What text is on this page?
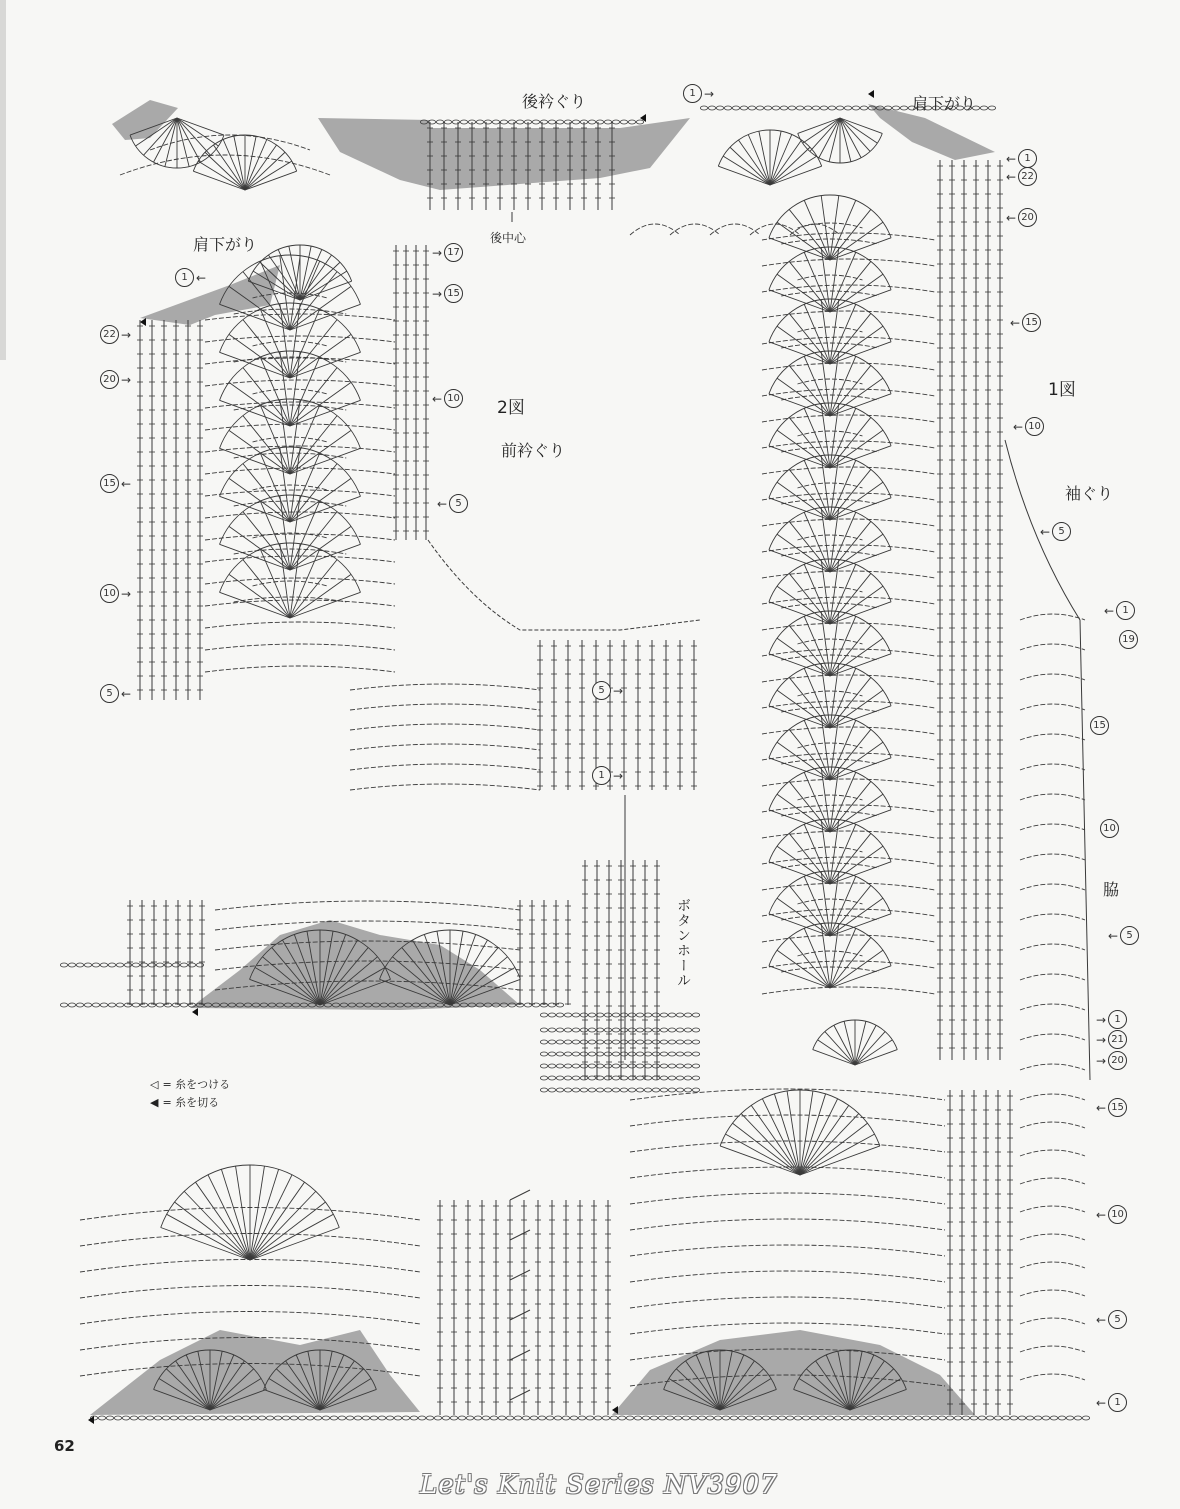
後衿ぐり	肩下がり
後中心
肩下がり
1図
2図
前衿ぐり
袖ぐり
脇
ボタンホール
◁ = 糸をつける
◀ = 糸を切る
1 →
← 1
← 22
← 20
← 15
← 10
← 5
→ 17
→ 15
← 10
← 5
1 ←
22 →
20 →
15 ←
10 →
5 ←	5 →
1 →
← 1
19
15
10
← 5
→ 1
→ 21
→ 20
← 15
← 10
← 5
← 1
62
Let's Knit Series NV3907
